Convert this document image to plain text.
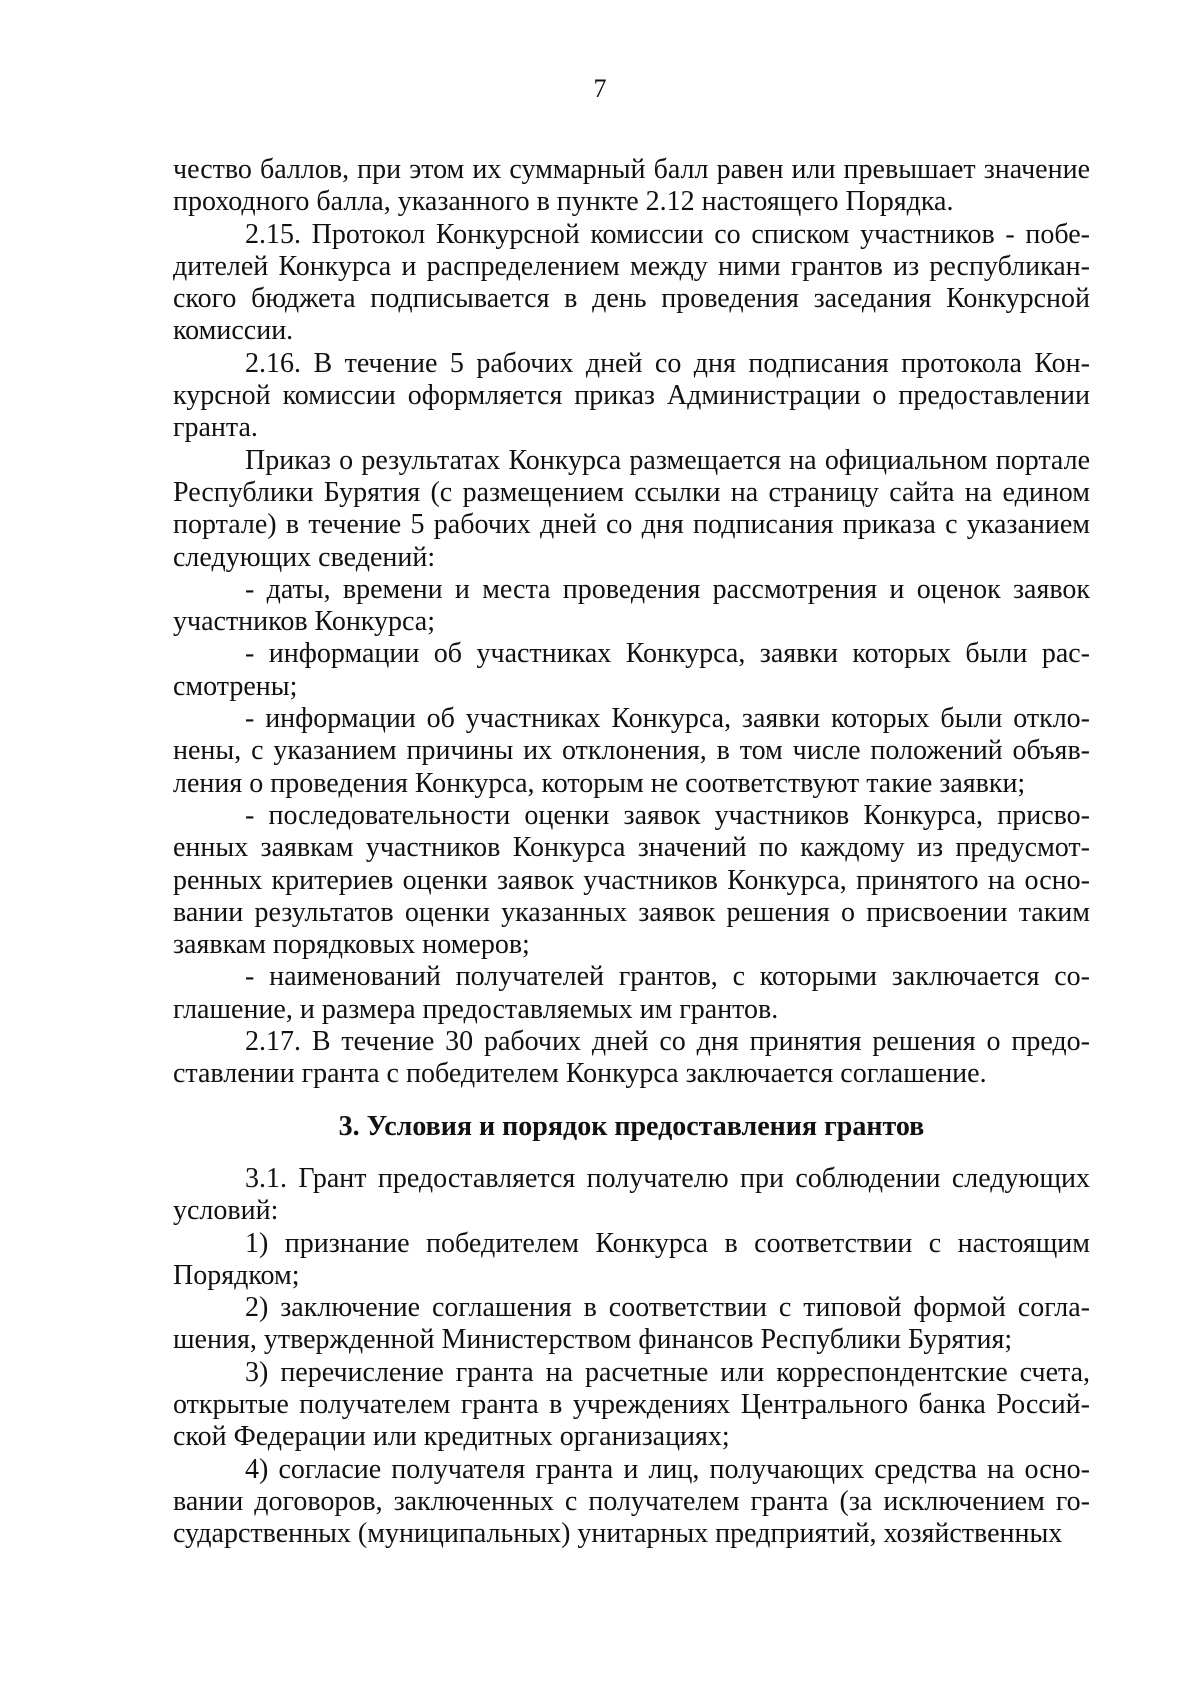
7

чество баллов, при этом их суммарный балл равен или превышает значение проходного балла, указанного в пункте 2.12 настоящего Порядка.

2.15. Протокол Конкурсной комиссии со списком участников - победителей Конкурса и распределением между ними грантов из республиканского бюджета подписывается в день проведения заседания Конкурсной комиссии.

2.16. В течение 5 рабочих дней со дня подписания протокола Конкурсной комиссии оформляется приказ Администрации о предоставлении гранта.

Приказ о результатах Конкурса размещается на официальном портале Республики Бурятия (с размещением ссылки на страницу сайта на едином портале) в течение 5 рабочих дней со дня подписания приказа с указанием следующих сведений:

- даты, времени и места проведения рассмотрения и оценок заявок участников Конкурса;

- информации об участниках Конкурса, заявки которых были рассмотрены;

- информации об участниках Конкурса, заявки которых были отклонены, с указанием причины их отклонения, в том числе положений объявления о проведения Конкурса, которым не соответствуют такие заявки;

- последовательности оценки заявок участников Конкурса, присвоенных заявкам участников Конкурса значений по каждому из предусмотренных критериев оценки заявок участников Конкурса, принятого на основании результатов оценки указанных заявок решения о присвоении таким заявкам порядковых номеров;

- наименований получателей грантов, с которыми заключается соглашение, и размера предоставляемых им грантов.

2.17. В течение 30 рабочих дней со дня принятия решения о предоставлении гранта с победителем Конкурса заключается соглашение.

3. Условия и порядок предоставления грантов

3.1. Грант предоставляется получателю при соблюдении следующих условий:

1) признание победителем Конкурса в соответствии с настоящим Порядком;

2) заключение соглашения в соответствии с типовой формой соглашения, утвержденной Министерством финансов Республики Бурятия;

3) перечисление гранта на расчетные или корреспондентские счета, открытые получателем гранта в учреждениях Центрального банка Российской Федерации или кредитных организациях;

4) согласие получателя гранта и лиц, получающих средства на основании договоров, заключенных с получателем гранта (за исключением государственных (муниципальных) унитарных предприятий, хозяйственных
